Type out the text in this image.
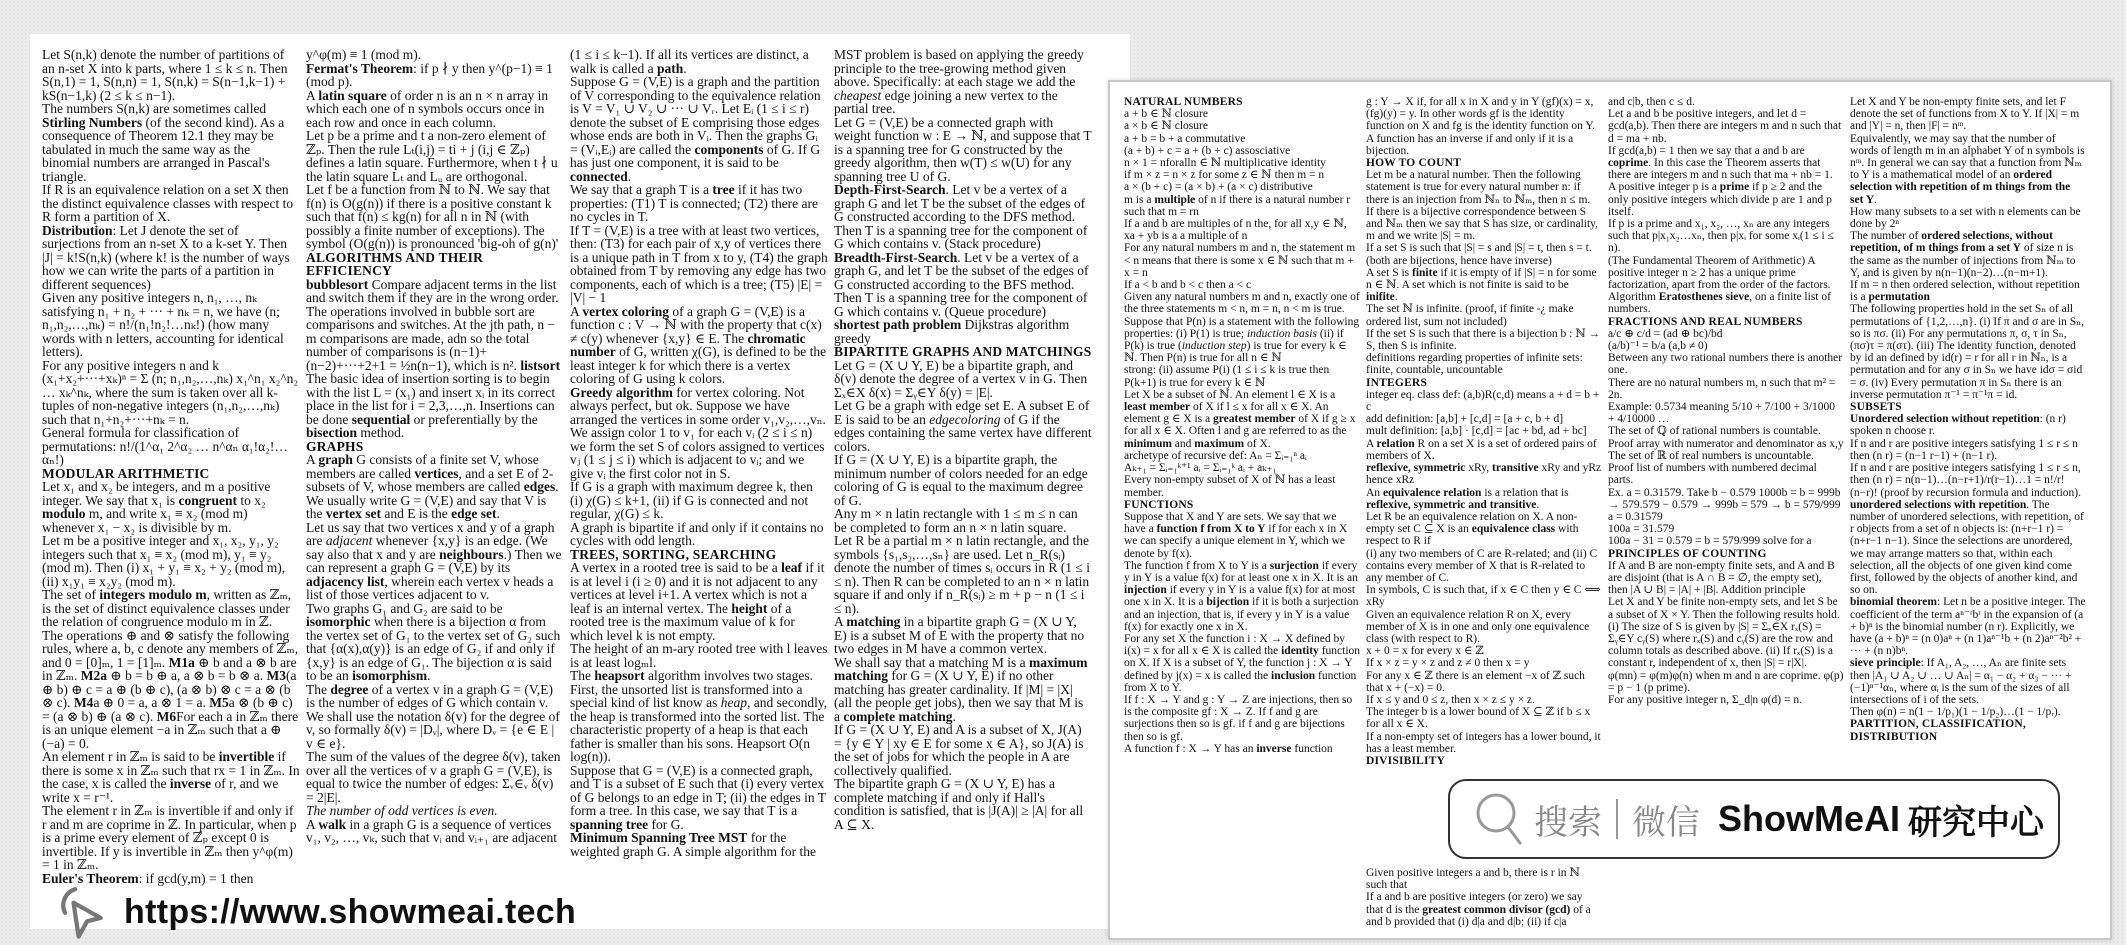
Let S(n,k) denote the number of partitions of an n-set X into k parts, where 1 ≤ k ≤ n. Then S(n,1) = 1, S(n,n) = 1, S(n,k) = S(n−1,k−1) + kS(n−1,k) (2 ≤ k ≤ n−1).

The numbers S(n,k) are sometimes called Stirling Numbers (of the second kind). As a consequence of Theorem 12.1 they may be tabulated in much the same way as the binomial numbers are arranged in Pascal's triangle.

If R is an equivalence relation on a set X then the distinct equivalence classes with respect to R form a partition of X.

Distribution: Let J denote the set of surjections from an n-set X to a k-set Y. Then |J| = k!S(n,k) (where k! is the number of ways how we can write the parts of a partition in different sequences)

Given any positive integers n, n₁, …, nₖ satisfying n₁ + n₂ + ··· + nₖ = n, we have (n; n₁,n₂,…,nₖ) = n!/(n₁!n₂!…nₖ!) (how many words with n letters, accounting for identical letters).

For any positive integers n and k (x₁+x₂+···+xₖ)ⁿ = Σ (n; n₁,n₂,…,nₖ) x₁^n₁ x₂^n₂ … xₖ^nₖ, where the sum is taken over all k-tuples of non-negative integers (n₁,n₂,…,nₖ) such that n₁+n₂+···+nₖ = n.

General formula for classification of permutations: n!/(1^α₁ 2^α₂ … n^αₙ α₁!α₂!…αₙ!)

MODULAR ARITHMETIC

Let x₁ and x₂ be integers, and m a positive integer. We say that x₁ is congruent to x₂ modulo m, and write x₁ ≡ x₂ (mod m) whenever x₁ − x₂ is divisible by m.

Let m be a positive integer and x₁, x₂, y₁, y₂ integers such that x₁ ≡ x₂ (mod m), y₁ ≡ y₂ (mod m). Then (i) x₁ + y₁ ≡ x₂ + y₂ (mod m), (ii) x₁y₁ ≡ x₂y₂ (mod m).

The set of integers modulo m, written as ℤₘ, is the set of distinct equivalence classes under the relation of congruence modulo m in ℤ.

The operations ⊕ and ⊗ satisfy the following rules, where a, b, c denote any members of ℤₘ, and 0 = [0]ₘ, 1 = [1]ₘ. M1a ⊕ b and a ⊗ b are in ℤₘ. M2a ⊕ b = b ⊕ a, a ⊗ b = b ⊗ a. M3(a ⊕ b) ⊕ c = a ⊕ (b ⊕ c), (a ⊗ b) ⊗ c = a ⊗ (b ⊗ c). M4a ⊕ 0 = a, a ⊗ 1 = a. M5a ⊗ (b ⊕ c) = (a ⊗ b) ⊕ (a ⊗ c). M6For each a in ℤₘ there is an unique element −a in ℤₘ such that a ⊕ (−a) = 0.

An element r in ℤₘ is said to be invertible if there is some x in ℤₘ such that rx = 1 in ℤₘ. In the case, x is called the inverse of r, and we write x = r⁻¹.

The element r in ℤₘ is invertible if and only if r and m are coprime in ℤ. In particular, when p is a prime every element of ℤₚ except 0 is invertible. If y is invertible in ℤₘ then y^φ(m) = 1 in ℤₘ.

Euler's Theorem: if gcd(y,m) = 1 then

y^φ(m) ≡ 1 (mod m).

Fermat's Theorem: if p ∤ y then y^(p−1) ≡ 1 (mod p).

A latin square of order n is an n × n array in which each one of n symbols occurs once in each row and once in each column.

Let p be a prime and t a non-zero element of ℤₚ. Then the rule Lₜ(i,j) = ti + j (i,j ∈ ℤₚ) defines a latin square. Furthermore, when t ∤ u the latin square Lₜ and Lᵤ are orthogonal.

Let f be a function from ℕ to ℕ. We say that f(n) is O(g(n)) if there is a positive constant k such that f(n) ≤ kg(n) for all n in ℕ (with possibly a finite number of exceptions). The symbol (O(g(n)) is pronounced 'big-oh of g(n)'

ALGORITHMS AND THEIR EFFICIENCY

bubblesort Compare adjacent terms in the list and switch them if they are in the wrong order. The operations involved in bubble sort are comparisons and switches. At the jth path, n − m comparisons are made, adn so the total number of comparisons is (n−1)+(n−2)+···+2+1 = ½n(n−1), which is n². listsort The basic idea of insertion sorting is to begin with the list L = (x₁) and insert xᵢ in its correct place in the list for i = 2,3,…,n. Insertions can be done sequential or preferentially by the bisection method.

GRAPHS

A graph G consists of a finite set V, whose members are called vertices, and a set E of 2-subsets of V, whose members are called edges. We usually write G = (V,E) and say that V is the vertex set and E is the edge set.

Let us say that two vertices x and y of a graph are adjacent whenever {x,y} is an edge. (We say also that x and y are neighbours.) Then we can represent a graph G = (V,E) by its adjacency list, wherein each vertex v heads a list of those vertices adjacent to v.

Two graphs G₁ and G₂ are said to be isomorphic when there is a bijection α from the vertex set of G₁ to the vertex set of G₂ such that {α(x),α(y)} is an edge of G₂ if and only if {x,y} is an edge of G₁. The bijection α is said to be an isomorphism.

The degree of a vertex v in a graph G = (V,E) is the number of edges of G which contain v. We shall use the notation δ(v) for the degree of v, so formally δ(v) = |Dᵥ|, where Dᵥ = {e ∈ E | v ∈ e}.

The sum of the values of the degree δ(v), taken over all the vertices of v a graph G = (V,E), is equal to twice the number of edges: Σᵥ∈ᵥ δ(v) = 2|E|.

The number of odd vertices is even.

A walk in a graph G is a sequence of vertices v₁, v₂, …, vₖ, such that vᵢ and vᵢ₊₁ are adjacent

(1 ≤ i ≤ k−1). If all its vertices are distinct, a walk is called a path.

Suppose G = (V,E) is a graph and the partition of V corresponding to the equivalence relation is V = V₁ ∪ V₂ ∪ ··· ∪ Vᵣ. Let Eᵢ (1 ≤ i ≤ r) denote the subset of E comprising those edges whose ends are both in Vᵢ. Then the graphs Gᵢ = (Vᵢ,Eᵢ) are called the components of G. If G has just one component, it is said to be connected.

We say that a graph T is a tree if it has two properties: (T1) T is connected; (T2) there are no cycles in T.

If T = (V,E) is a tree with at least two vertices, then: (T3) for each pair of x,y of vertices there is a unique path in T from x to y, (T4) the graph obtained from T by removing any edge has two components, each of which is a tree; (T5) |E| = |V| − 1

A vertex coloring of a graph G = (V,E) is a function c : V → ℕ with the property that c(x) ≠ c(y) whenever {x,y} ∈ E. The chromatic number of G, written χ(G), is defined to be the least integer k for which there is a vertex coloring of G using k colors.

Greedy algorithm for vertex coloring. Not always perfect, but ok. Suppose we have arranged the vertices in some order v₁,v₂,…,vₙ. We assign color 1 to v₁ for each vᵢ (2 ≤ i ≤ n) we form the set S of colors assigned to vertices vⱼ (1 ≤ j ≤ i) which is adjacent to vᵢ; and we give vᵢ the first color not in S.

If G is a graph with maximum degree k, then (i) χ(G) ≤ k+1, (ii) if G is connected and not regular, χ(G) ≤ k.

A graph is bipartite if and only if it contains no cycles with odd length.

TREES, SORTING, SEARCHING

A vertex in a rooted tree is said to be a leaf if it is at level i (i ≥ 0) and it is not adjacent to any vertices at level i+1. A vertex which is not a leaf is an internal vertex. The height of a rooted tree is the maximum value of k for which level k is not empty.

The height of an m-ary rooted tree with l leaves is at least logₘl.

The heapsort algorithm involves two stages. First, the unsorted list is transformed into a special kind of list know as heap, and secondly, the heap is transformed into the sorted list. The characteristic property of a heap is that each father is smaller than his sons. Heapsort O(n log(n)).

Suppose that G = (V,E) is a connected graph, and T is a subset of E such that (i) every vertex of G belongs to an edge in T; (ii) the edges in T form a tree. In this case, we say that T is a spanning tree for G.

Minimum Spanning Tree MST for the weighted graph G. A simple algorithm for the

MST problem is based on applying the greedy principle to the tree-growing method given above. Specifically: at each stage we add the cheapest edge joining a new vertex to the partial tree.

Let G = (V,E) be a connected graph with weight function w : E → ℕ, and suppose that T is a spanning tree for G constructed by the greedy algorithm, then w(T) ≤ w(U) for any spanning tree U of G.

Depth-First-Search. Let v be a vertex of a graph G and let T be the subset of the edges of G constructed according to the DFS method. Then T is a spanning tree for the component of G which contains v. (Stack procedure)

Breadth-First-Search. Let v be a vertex of a graph G, and let T be the subset of the edges of G constructed according to the BFS method. Then T is a spanning tree for the component of G which contains v. (Queue procedure)

shortest path problem Dijkstras algorithm greedy

BIPARTITE GRAPHS AND MATCHINGS

Let G = (X ∪ Y, E) be a bipartite graph, and δ(v) denote the degree of a vertex v in G. Then Σₓ∈X δ(x) = Σᵧ∈Y δ(y) = |E|.

Let G be a graph with edge set E. A subset E of E is said to be an edgecoloring of G if the edges containing the same vertex have different colors.

If G = (X ∪ Y, E) is a bipartite graph, the minimum number of colors needed for an edge coloring of G is equal to the maximum degree of G.

Any m × n latin rectangle with 1 ≤ m ≤ n can be completed to form an n × n latin square.

Let R be a partial m × n latin rectangle, and the symbols {s₁,s₂,…,sₙ} are used. Let n_R(sᵢ) denote the number of times sᵢ occurs in R (1 ≤ i ≤ n). Then R can be completed to an n × n latin square if and only if n_R(sᵢ) ≥ m + p − n (1 ≤ i ≤ n).

A matching in a bipartite graph G = (X ∪ Y, E) is a subset M of E with the property that no two edges in M have a common vertex.

We shall say that a matching M is a maximum matching for G = (X ∪ Y, E) if no other matching has greater cardinality. If |M| = |X| (all the people get jobs), then we say that M is a complete matching.

If G = (X ∪ Y, E) and A is a subset of X, J(A) = {y ∈ Y | xy ∈ E for some x ∈ A}, so J(A) is the set of jobs for which the people in A are collectively qualified.

The bipartite graph G = (X ∪ Y, E) has a complete matching if and only if Hall's condition is satisfied, that is |J(A)| ≥ |A| for all A ⊆ X.

NATURAL NUMBERS

a + b ∈ ℕ closure

a × b ∈ ℕ closure

a + b = b + a commutative

(a + b) + c = a + (b + c) assosciative

n × 1 = nforalln ∈ ℕ multiplicative identity

if m × z = n × z for some z ∈ ℕ then m = n

a × (b + c) = (a × b) + (a × c) distributive

m is a multiple of n if there is a natural number r such that m = rn

If a and b are multiples of n the, for all x,y ∈ ℕ, xa + yb is a a multiple of n

For any natural numbers m and n, the statement m < n means that there is some x ∈ ℕ such that m + x = n

If a < b and b < c then a < c

Given any natural numbers m and n, exactly one of the three statements m < n, m = n, n < m is true.

Suppose that P(n) is a statement with the following properties: (i) P(1) is true; induction basis (ii) if P(k) is true (induction step) is true for every k ∈ ℕ. Then P(n) is true for all n ∈ ℕ

strong: (ii) assume P(i) (1 ≤ i ≤ k is true then P(k+1) is true for every k ∈ ℕ

Let X be a subset of ℕ. An element l ∈ X is a least member of X if l ≤ x for all x ∈ X. An element g ∈ X is a greatest member of X if g ≥ x for all x ∈ X. Often l and g are referred to as the minimum and maximum of X.

archetype of recursive def: Aₙ = Σᵢ₌₁ⁿ aᵢ

Aₖ₊₁ = Σᵢ₌₁ᵏ⁺¹ aᵢ = Σᵢ₌₁ᵏ aᵢ + aₖ₊₁

Every non-empty subset of X of ℕ has a least member.

FUNCTIONS

Suppose that X and Y are sets. We say that we have a function f from X to Y if for each x in X we can specify a unique element in Y, which we denote by f(x).

The function f from X to Y is a surjection if every y in Y is a value f(x) for at least one x in X. It is an injection if every y in Y is a value f(x) for at most one x in X. It is a bijection if it is both a surjection and an injection, that is, if every y in Y is a value f(x) for exactly one x in X.

For any set X the function i : X → X defined by i(x) = x for all x ∈ X is called the identity function on X. If X is a subset of Y, the function j : X → Y defined by j(x) = x is called the inclusion function from X to Y.

If f : X → Y and g : Y → Z are injections, then so is the composite gf : X → Z. If f and g are surjections then so is gf. if f and g are bijections then so is gf.

A function f : X → Y has an inverse function

g : Y → X if, for all x in X and y in Y (gf)(x) = x, (fg)(y) = y. In other words gf is the identity function on X and fg is the identity function on Y.

A function has an inverse if and only if it is a bijection.

HOW TO COUNT

Let m be a natural number. Then the following statement is true for every natural number n: if there is an injection from ℕₙ to ℕₘ, then n ≤ m.

If there is a bijective correspondence between S and ℕₘ then we say that S has size, or cardinality, m and we write |S| = m.

If a set S is such that |S| = s and |S| = t, then s = t. (both are bijections, hence have inverse)

A set S is finite if it is empty of if |S| = n for some n ∈ ℕ. A set which is not finite is said to be inifite.

The set ℕ is infinite. (proof, if finite -¿ make ordered list, sum not included)

If the set S is such that there is a bijection b : ℕ → S, then S is infinite.

definitions regarding properties of infinite sets: finite, countable, uncountable

INTEGERS

integer eq. class def: (a,b)R(c,d) means a + d = b + c

add definition: [a,b] + [c,d] = [a + c, b + d]

mult definition: [a,b] · [c,d] = [ac + bd, ad + bc]

A relation R on a set X is a set of ordered pairs of members of X.

reflexive, symmetric xRy, transitive xRy and yRz hence xRz

An equivalence relation is a relation that is reflexive, symmetric and transitive.

Let R be an equivalence relation on X. A non-empty set C ⊆ X is an equivalence class with respect to R if

(i) any two members of C are R-related; and (ii) C contains every member of X that is R-related to any member of C.

In symbols, C is such that, if x ∈ C then y ∈ C ⟺ xRy

Given an equivalence relation R on X, every member of X is in one and only one equivalence class (with respect to R).

x + 0 = x for every x ∈ ℤ

If x × z = y × z and z ≠ 0 then x = y

For any x ∈ ℤ there is an element −x of ℤ such that x + (−x) = 0.

If x ≤ y and 0 ≤ z, then x × z ≤ y × z.

The integer b is a lower bound of X ⊆ ℤ if b ≤ x for all x ∈ X.

If a non-empty set of integers has a lower bound, it has a least member.

DIVISIBILITY

Given positive integers a and b, there is r in ℕ such that

If a and b are positive integers (or zero) we say that d is the greatest common divisor (gcd) of a and b provided that (i) d|a and d|b; (ii) if c|a

and c|b, then c ≤ d.

Let a and b be positive integers, and let d = gcd(a,b). Then there are integers m and n such that d = ma + nb.

If gcd(a,b) = 1 then we say that a and b are coprime. In this case the Theorem asserts that there are integers m and n such that ma + nb = 1.

A positive integer p is a prime if p ≥ 2 and the only positive integers which divide p are 1 and p itself.

If p is a prime and x₁, x₂, …, xₙ are any integers such that p|x₁x₂…xₙ, then p|xᵢ for some xᵢ(1 ≤ i ≤ n).

(The Fundamental Theorem of Arithmetic) A positive integer n ≥ 2 has a unique prime factorization, apart from the order of the factors.

Algorithm Eratosthenes sieve, on a finite list of numbers.

FRACTIONS AND REAL NUMBERS

a/c ⊕ c/d = (ad ⊕ bc)/bd

(a/b)⁻¹ = b/a (a,b ≠ 0)

Between any two rational numbers there is another one.

There are no natural numbers m, n such that m² = 2n.

Example: 0.5734 meaning 5/10 + 7/100 + 3/1000 + 4/10000 …

The set of ℚ of rational numbers is countable.

Proof array with numerator and denominator as x,y

The set of ℝ of real numbers is uncountable.

Proof list of numbers with numbered decimal parts.

Ex. a = 0.31579. Take b − 0.579 1000b = b = 999b → 579.579 − 0.579 → 999b = 579 → b = 579/999

a = 0.31579

100a = 31.579

100a − 31 = 0.579 = b = 579/999 solve for a

PRINCIPLES OF COUNTING

If A and B are non-empty finite sets, and A and B are disjoint (that is A ∩ B = ∅, the empty set), then |A ∪ B| = |A| + |B|. Addition principle

Let X and Y be finite non-empty sets, and let S be a subset of X × Y. Then the following results hold. (i) The size of S is given by |S| = Σₓ∈X rₓ(S) = Σᵧ∈Y cᵧ(S) where rₓ(S) and cᵧ(S) are the row and column totals as described above. (ii) If rₓ(S) is a constant r, independent of x, then |S| = r|X|.

φ(mn) = φ(m)φ(n) when m and n are coprime. φ(p) = p − 1 (p prime).

For any positive integer n, Σ_d|n φ(d) = n.

Let X and Y be non-empty finite sets, and let F denote the set of functions from X to Y. If |X| = m and |Y| = n, then |F| = nᵐ.

Equivalently, we may say that the number of words of length m in an alphabet Y of n symbols is nᵐ. In general we can say that a function from ℕₘ to Y is a mathematical model of an ordered selection with repetition of m things from the set Y.

How many subsets to a set with n elements can be done by 2ⁿ

The number of ordered selections, without repetition, of m things from a set Y of size n is the same as the number of injections from ℕₘ to Y, and is given by n(n−1)(n−2)…(n−m+1).

If m = n then ordered selection, without repetition is a permutation

The following properties hold in the set Sₙ of all permutations of {1,2,…,n}. (i) If π and σ are in Sₙ, so is πσ. (ii) For any permutations π, σ, τ in Sₙ, (πσ)τ = π(στ). (iii) The identity function, denoted by id an defined by id(r) = r for all r in ℕₙ, is a permutation and for any σ in Sₙ we have idσ = σid = σ. (iv) Every permutation π in Sₙ there is an inverse permutation π⁻¹ = π⁻¹π = id.

SUBSETS

Unordered selection without repetition: (n r) spoken n choose r.

If n and r are positive integers satisfying 1 ≤ r ≤ n then (n r) = (n−1 r−1) + (n−1 r).

If n and r are positive integers satisfying 1 ≤ r ≤ n, then (n r) = n(n−1)…(n−r+1)/r(r−1)…1 = n!/r!(n−r)! (proof by recursion formula and induction).

unordered selections with repetition. The number of unordered selections, with repetition, of r objects from a set of n objects is: (n+r−1 r) = (n+r−1 n−1). Since the selections are unordered, we may arrange matters so that, within each selection, all the objects of one given kind come first, followed by the objects of another kind, and so on.

binomial theorem: Let n be a positive integer. The coefficient of the term aⁿ⁻ʳbʳ in the expansion of (a + b)ⁿ is the binomial number (n r). Explicitly, we have (a + b)ⁿ = (n 0)aⁿ + (n 1)aⁿ⁻¹b + (n 2)aⁿ⁻²b² + ··· + (n n)bⁿ.

sieve principle: If A₁, A₂, …, Aₙ are finite sets then |A₁ ∪ A₂ ∪ … ∪ Aₙ| = α₁ − α₂ + α₃ − ··· + (−1)ⁿ⁻¹αₙ, where αᵢ is the sum of the sizes of all intersections of i of the sets.

Then φ(n) = n(1 − 1/p₁)(1 − 1/p₂)…(1 − 1/pᵣ).

PARTITION, CLASSIFICATION, DISTRIBUTION
https://www.showmeai.tech
搜索 微信 ShowMeAI 研究中心
